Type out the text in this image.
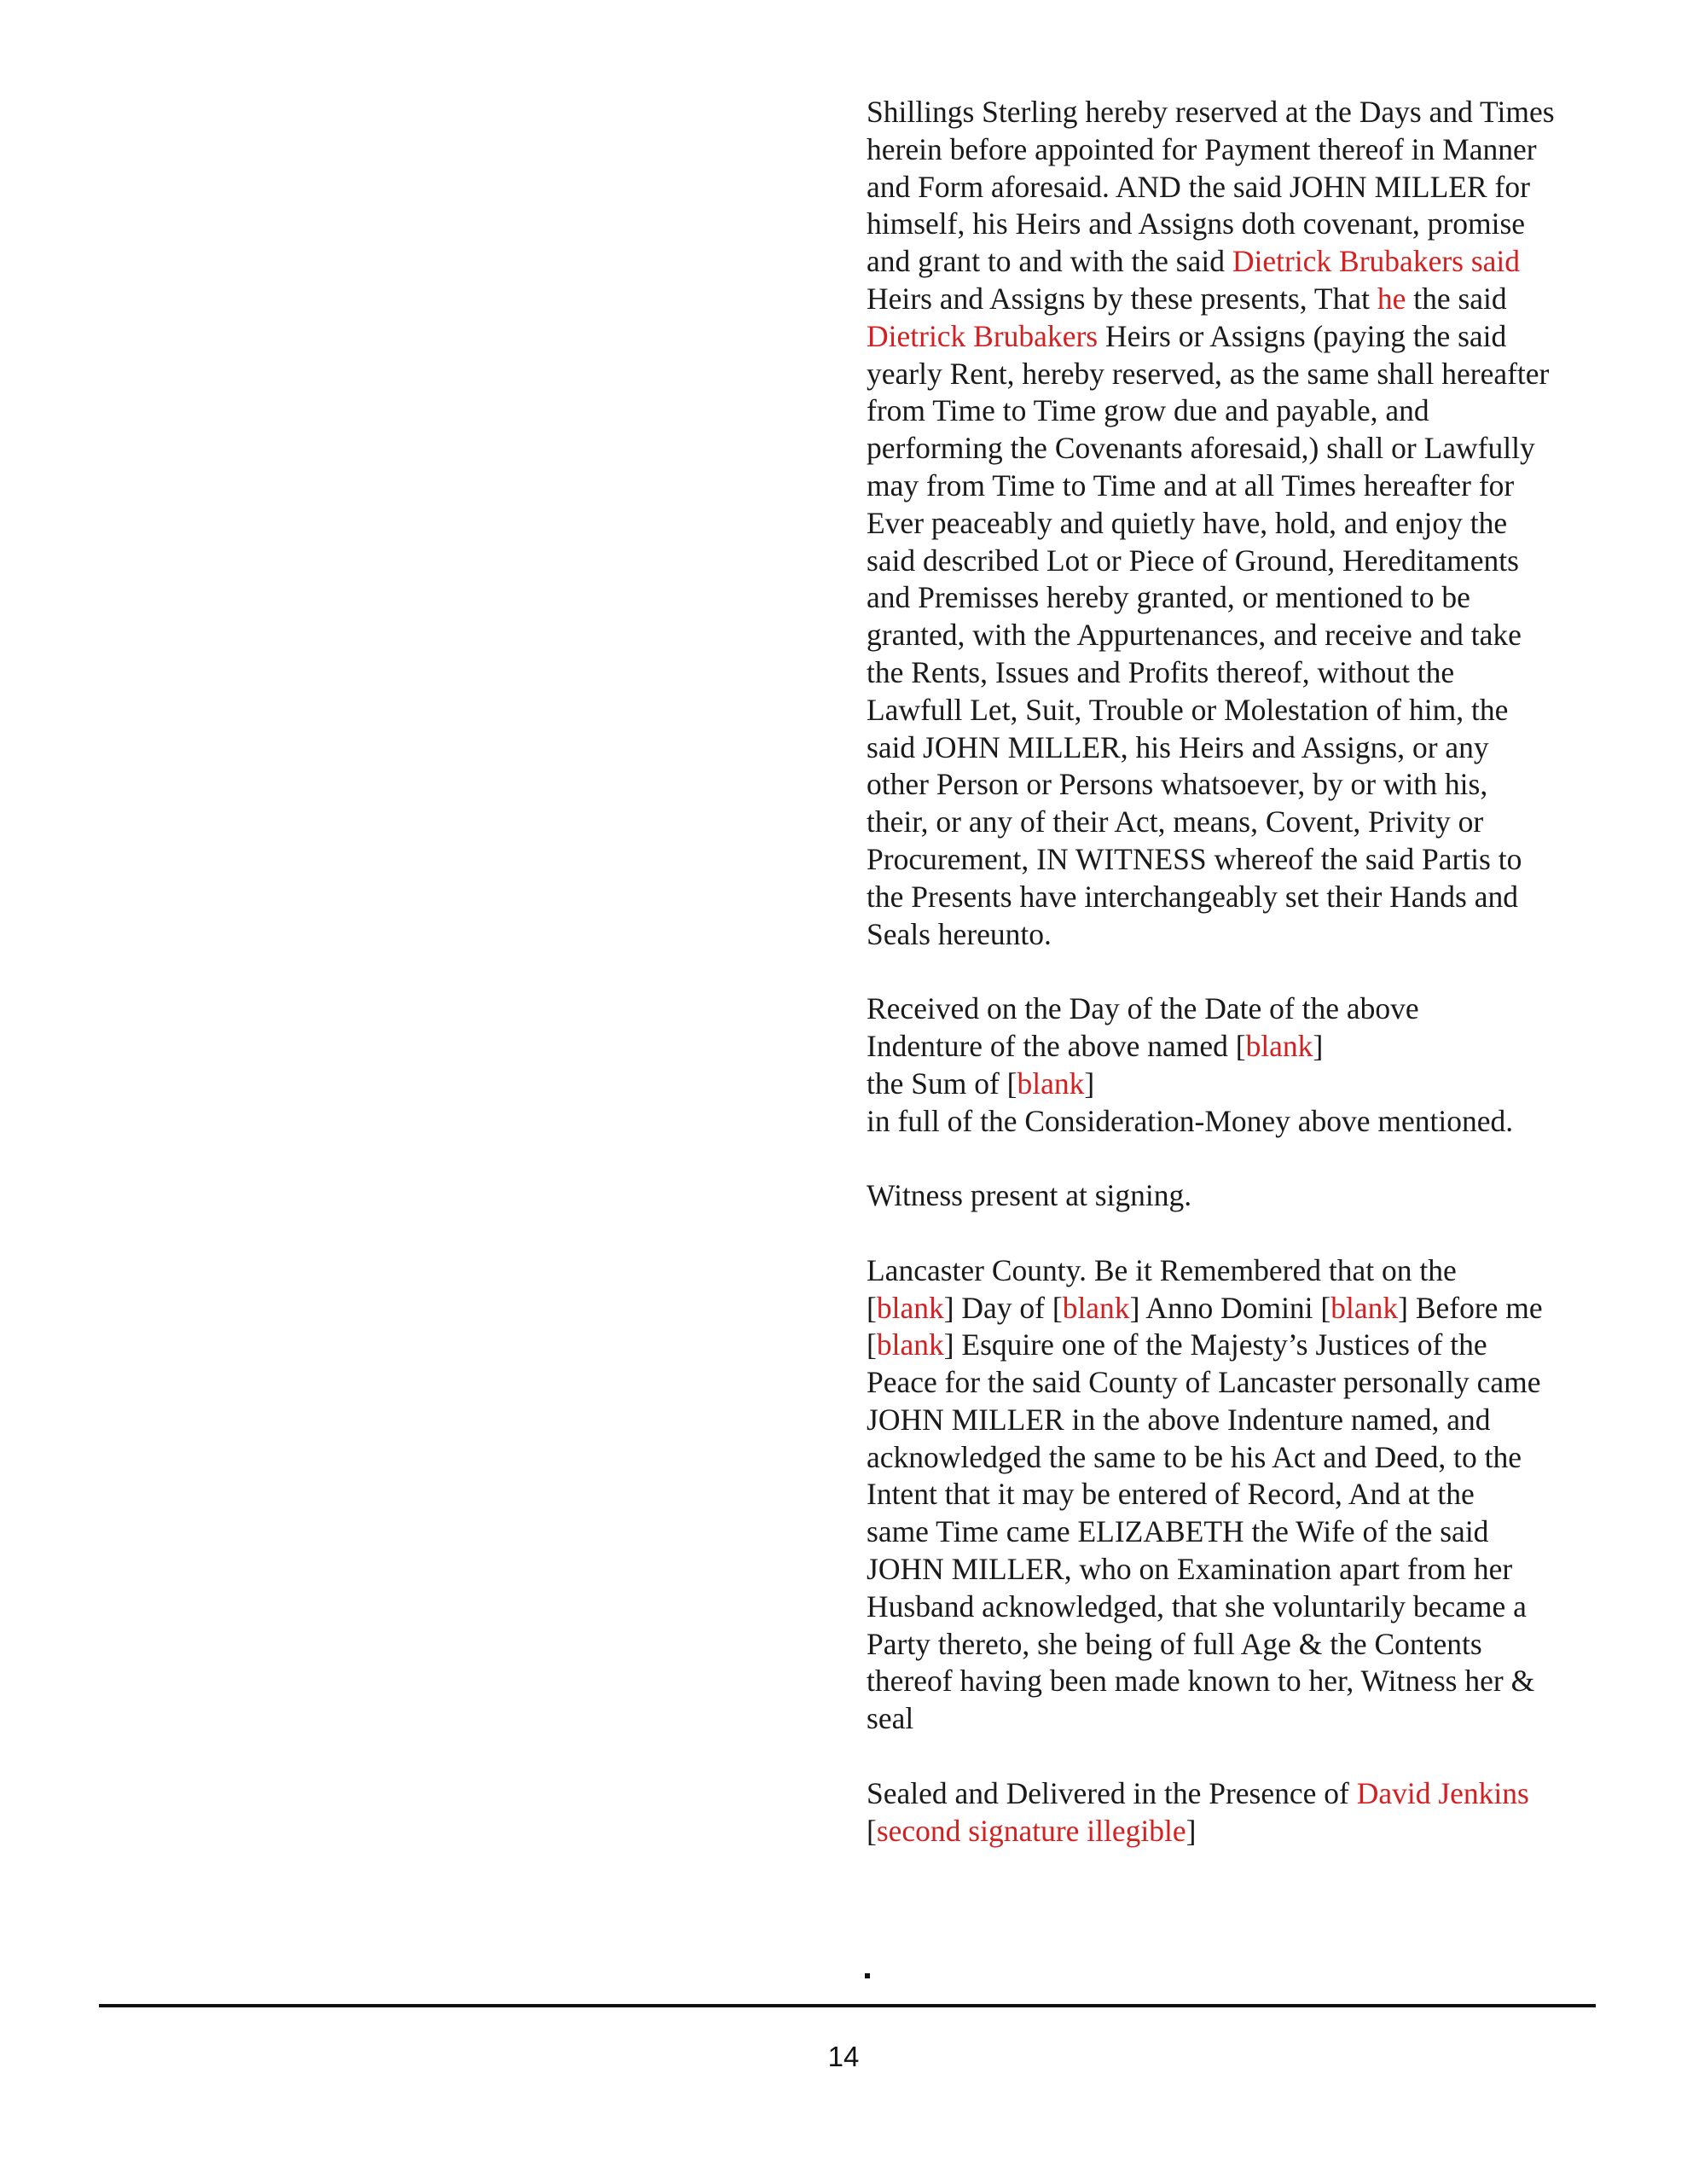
Shillings Sterling hereby reserved at the Days and Times
herein before appointed for Payment thereof in Manner
and Form aforesaid. AND the said JOHN MILLER for
himself, his Heirs and Assigns doth covenant, promise
and grant to and with the said Dietrick Brubakers said
Heirs and Assigns by these presents, That he the said
Dietrick Brubakers Heirs or Assigns (paying the said
yearly Rent, hereby reserved, as the same shall hereafter
from Time to Time grow due and payable, and
performing the Covenants aforesaid,) shall or Lawfully
may from Time to Time and at all Times hereafter for
Ever peaceably and quietly have, hold, and enjoy the
said described Lot or Piece of Ground, Hereditaments
and Premisses hereby granted, or mentioned to be
granted, with the Appurtenances, and receive and take
the Rents, Issues and Profits thereof, without the
Lawfull Let, Suit, Trouble or Molestation of him, the
said JOHN MILLER, his Heirs and Assigns, or any
other Person or Persons whatsoever, by or with his,
their, or any of their Act, means, Covent, Privity or
Procurement, IN WITNESS whereof the said Partis to
the Presents have interchangeably set their Hands and
Seals hereunto.
Received on the Day of the Date of the above
Indenture of the above named [blank]
the Sum of [blank]
in full of the Consideration-Money above mentioned.
Witness present at signing.
Lancaster County. Be it Remembered that on the
[blank] Day of [blank] Anno Domini [blank] Before me
[blank] Esquire one of the Majesty’s Justices of the
Peace for the said County of Lancaster personally came
JOHN MILLER in the above Indenture named, and
acknowledged the same to be his Act and Deed, to the
Intent that it may be entered of Record, And at the
same Time came ELIZABETH the Wife of the said
JOHN MILLER, who on Examination apart from her
Husband acknowledged, that she voluntarily became a
Party thereto, she being of full Age & the Contents
thereof having been made known to her, Witness her &
seal
Sealed and Delivered in the Presence of David Jenkins
[second signature illegible]
14
